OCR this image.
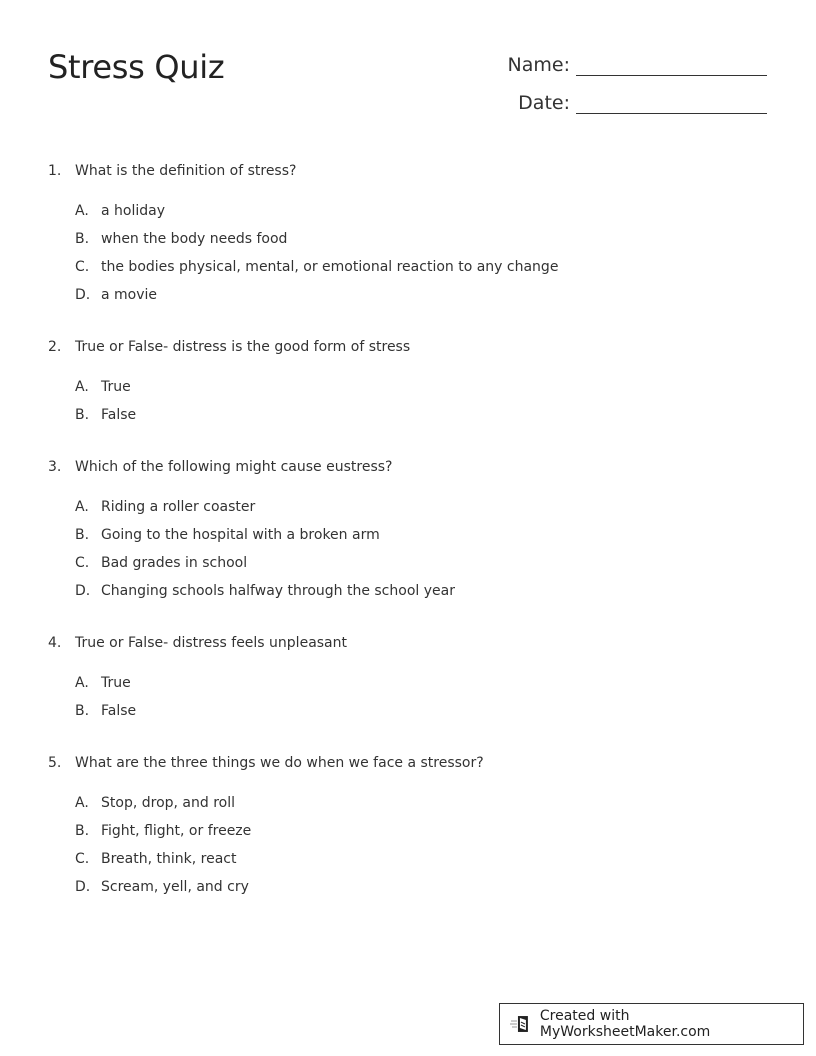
Stress Quiz	Name:
Date:
1. What is the definition of stress?
A. a holiday
B. when the body needs food
C. the bodies physical, mental, or emotional reaction to any change
D. a movie
2. True or False- distress is the good form of stress
A. True
B. False
3. Which of the following might cause eustress?
A. Riding a roller coaster
B. Going to the hospital with a broken arm
C. Bad grades in school
D. Changing schools halfway through the school year
4. True or False- distress feels unpleasant
A. True
B. False
5. What are the three things we do when we face a stressor?
A. Stop, drop, and roll
B. Fight, flight, or freeze
C. Breath, think, react
D. Scream, yell, and cry
Created with MyWorksheetMaker.com
